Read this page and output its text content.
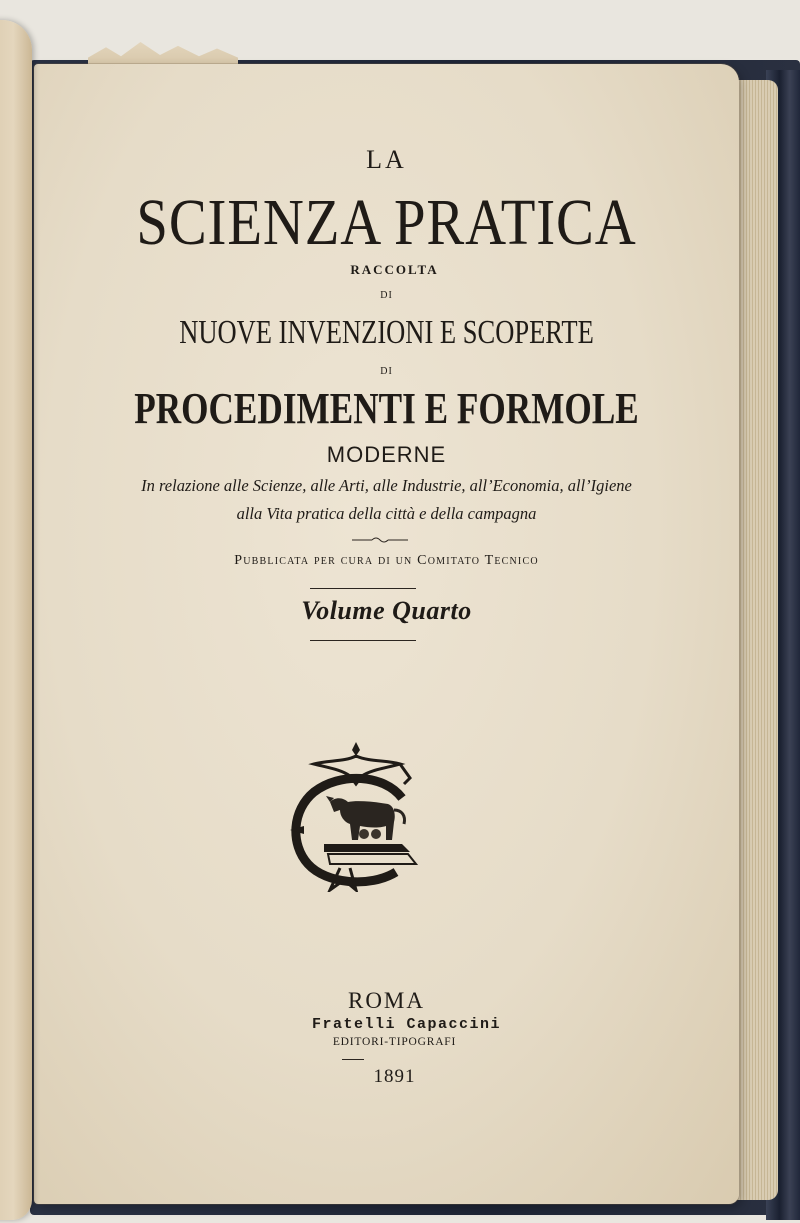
LA

SCIENZA PRATICA

RACCOLTA

DI

NUOVE INVENZIONI E SCOPERTE

DI

PROCEDIMENTI E FORMOLE

MODERNE

In relazione alle Scienze, alle Arti, alle Industrie, all’Economia, all’Igiene

alla Vita pratica della città e della campagna

Pubblicata per cura di un Comitato Tecnico

Volume Quarto

ROMA

Fratelli Capaccini

EDITORI-TIPOGRAFI

1891
